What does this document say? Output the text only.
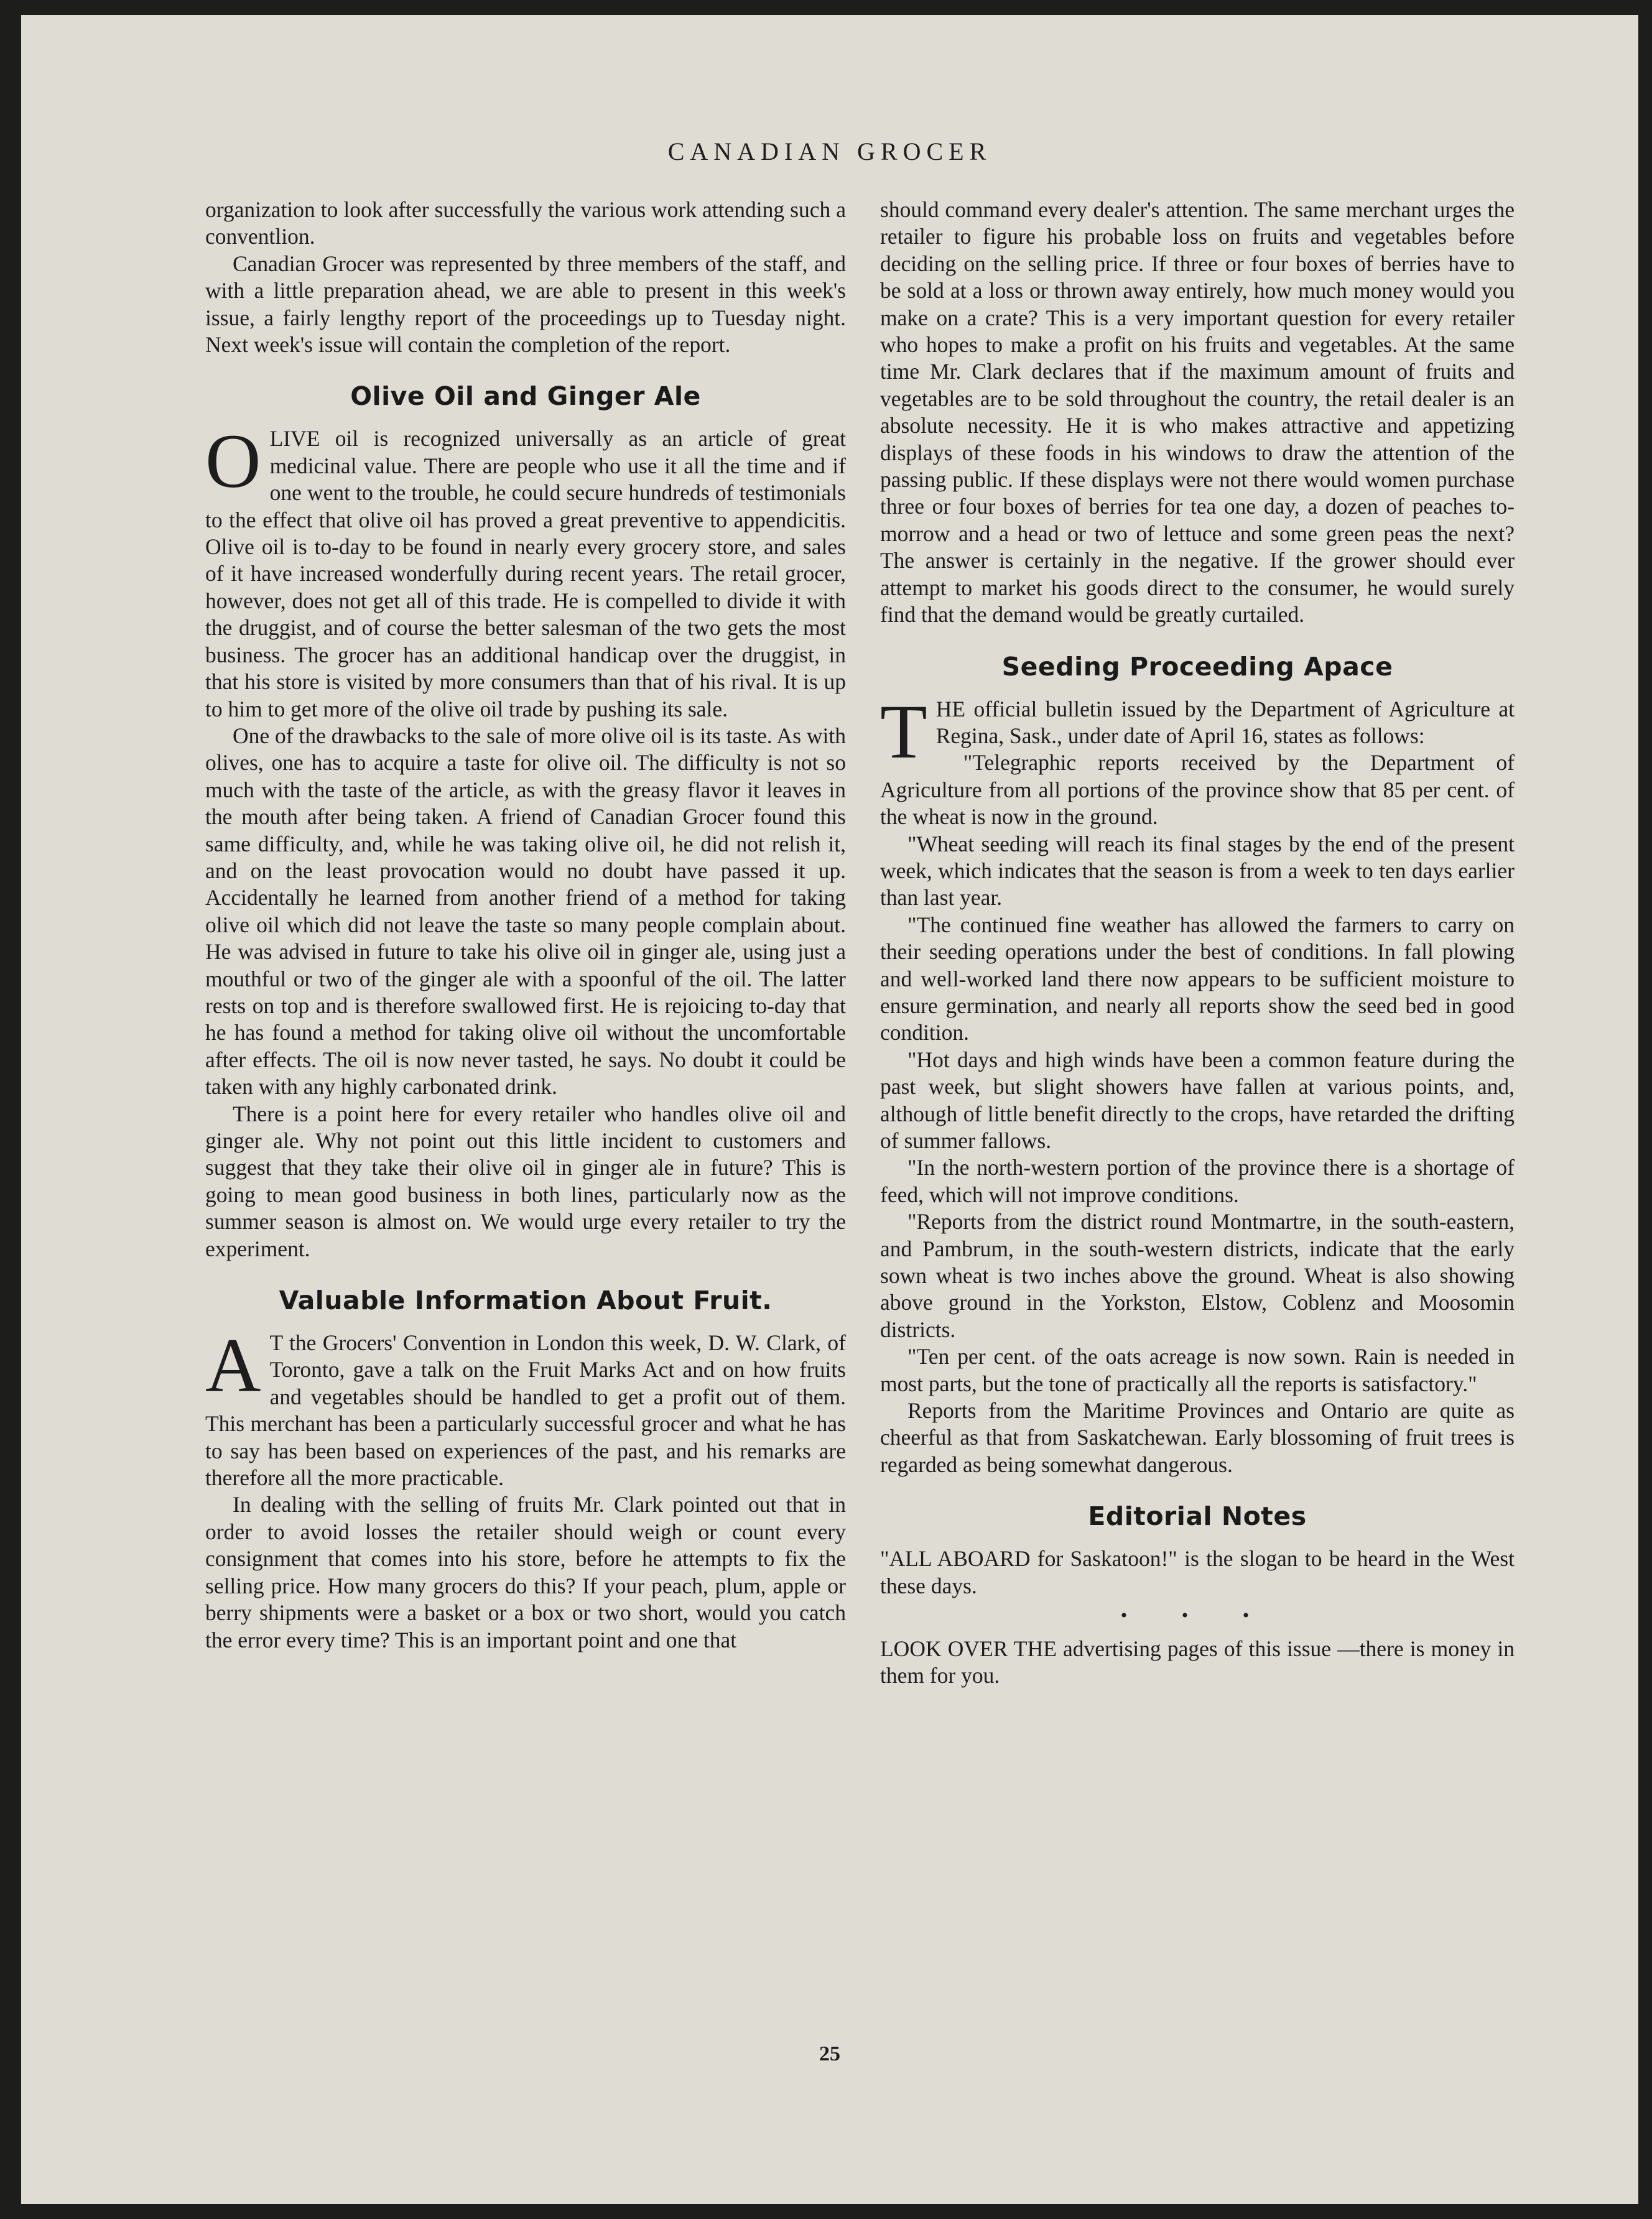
CANADIAN GROCER

organization to look after successfully the various work attending such a conventlion.

Canadian Grocer was represented by three members of the staff, and with a little preparation ahead, we are able to present in this week's issue, a fairly lengthy report of the proceedings up to Tuesday night. Next week's issue will contain the completion of the report.

Olive Oil and Ginger Ale

OLIVE oil is recognized universally as an article of great medicinal value. There are people who use it all the time and if one went to the trouble, he could secure hundreds of testimonials to the effect that olive oil has proved a great preventive to appendicitis. Olive oil is to-day to be found in nearly every grocery store, and sales of it have increased wonderfully during recent years. The retail grocer, however, does not get all of this trade. He is compelled to divide it with the druggist, and of course the better salesman of the two gets the most business. The grocer has an additional handicap over the druggist, in that his store is visited by more consumers than that of his rival. It is up to him to get more of the olive oil trade by pushing its sale.

One of the drawbacks to the sale of more olive oil is its taste. As with olives, one has to acquire a taste for olive oil. The difficulty is not so much with the taste of the article, as with the greasy flavor it leaves in the mouth after being taken. A friend of Canadian Grocer found this same difficulty, and, while he was taking olive oil, he did not relish it, and on the least provocation would no doubt have passed it up. Accidentally he learned from another friend of a method for taking olive oil which did not leave the taste so many people complain about. He was advised in future to take his olive oil in ginger ale, using just a mouthful or two of the ginger ale with a spoonful of the oil. The latter rests on top and is therefore swallowed first. He is rejoicing to-day that he has found a method for taking olive oil without the uncomfortable after effects. The oil is now never tasted, he says. No doubt it could be taken with any highly carbonated drink.

There is a point here for every retailer who handles olive oil and ginger ale. Why not point out this little incident to customers and suggest that they take their olive oil in ginger ale in future? This is going to mean good business in both lines, particularly now as the summer season is almost on. We would urge every retailer to try the experiment.

Valuable Information About Fruit.

A T the Grocers' Convention in London this week, D. W. Clark, of Toronto, gave a talk on the Fruit Marks Act and on how fruits and vegetables should be handled to get a profit out of them. This merchant has been a particularly successful grocer and what he has to say has been based on experiences of the past, and his remarks are therefore all the more practicable.

In dealing with the selling of fruits Mr. Clark pointed out that in order to avoid losses the retailer should weigh or count every consignment that comes into his store, before he attempts to fix the selling price. How many grocers do this? If your peach, plum, apple or berry shipments were a basket or a box or two short, would you catch the error every time? This is an important point and one that

should command every dealer's attention. The same merchant urges the retailer to figure his probable loss on fruits and vegetables before deciding on the selling price. If three or four boxes of berries have to be sold at a loss or thrown away entirely, how much money would you make on a crate? This is a very important question for every retailer who hopes to make a profit on his fruits and vegetables. At the same time Mr. Clark declares that if the maximum amount of fruits and vegetables are to be sold throughout the country, the retail dealer is an absolute necessity. He it is who makes attractive and appetizing displays of these foods in his windows to draw the attention of the passing public. If these displays were not there would women purchase three or four boxes of berries for tea one day, a dozen of peaches to-morrow and a head or two of lettuce and some green peas the next? The answer is certainly in the negative. If the grower should ever attempt to market his goods direct to the consumer, he would surely find that the demand would be greatly curtailed.

Seeding Proceeding Apace

THE official bulletin issued by the Department of Agriculture at Regina, Sask., under date of April 16, states as follows:

"Telegraphic reports received by the Department of Agriculture from all portions of the province show that 85 per cent. of the wheat is now in the ground.

"Wheat seeding will reach its final stages by the end of the present week, which indicates that the season is from a week to ten days earlier than last year.

"The continued fine weather has allowed the farmers to carry on their seeding operations under the best of conditions. In fall plowing and well-worked land there now appears to be sufficient moisture to ensure germination, and nearly all reports show the seed bed in good condition.

"Hot days and high winds have been a common feature during the past week, but slight showers have fallen at various points, and, although of little benefit directly to the crops, have retarded the drifting of summer fallows.

"In the north-western portion of the province there is a shortage of feed, which will not improve conditions.

"Reports from the district round Montmartre, in the south-eastern, and Pambrum, in the south-western districts, indicate that the early sown wheat is two inches above the ground. Wheat is also showing above ground in the Yorkston, Elstow, Coblenz and Moosomin districts.

"Ten per cent. of the oats acreage is now sown. Rain is needed in most parts, but the tone of practically all the reports is satisfactory."

Reports from the Maritime Provinces and Ontario are quite as cheerful as that from Saskatchewan. Early blossoming of fruit trees is regarded as being somewhat dangerous.

Editorial Notes

"ALL ABOARD for Saskatoon!" is the slogan to be heard in the West these days.

• • •

LOOK OVER THE advertising pages of this issue —there is money in them for you.

25
